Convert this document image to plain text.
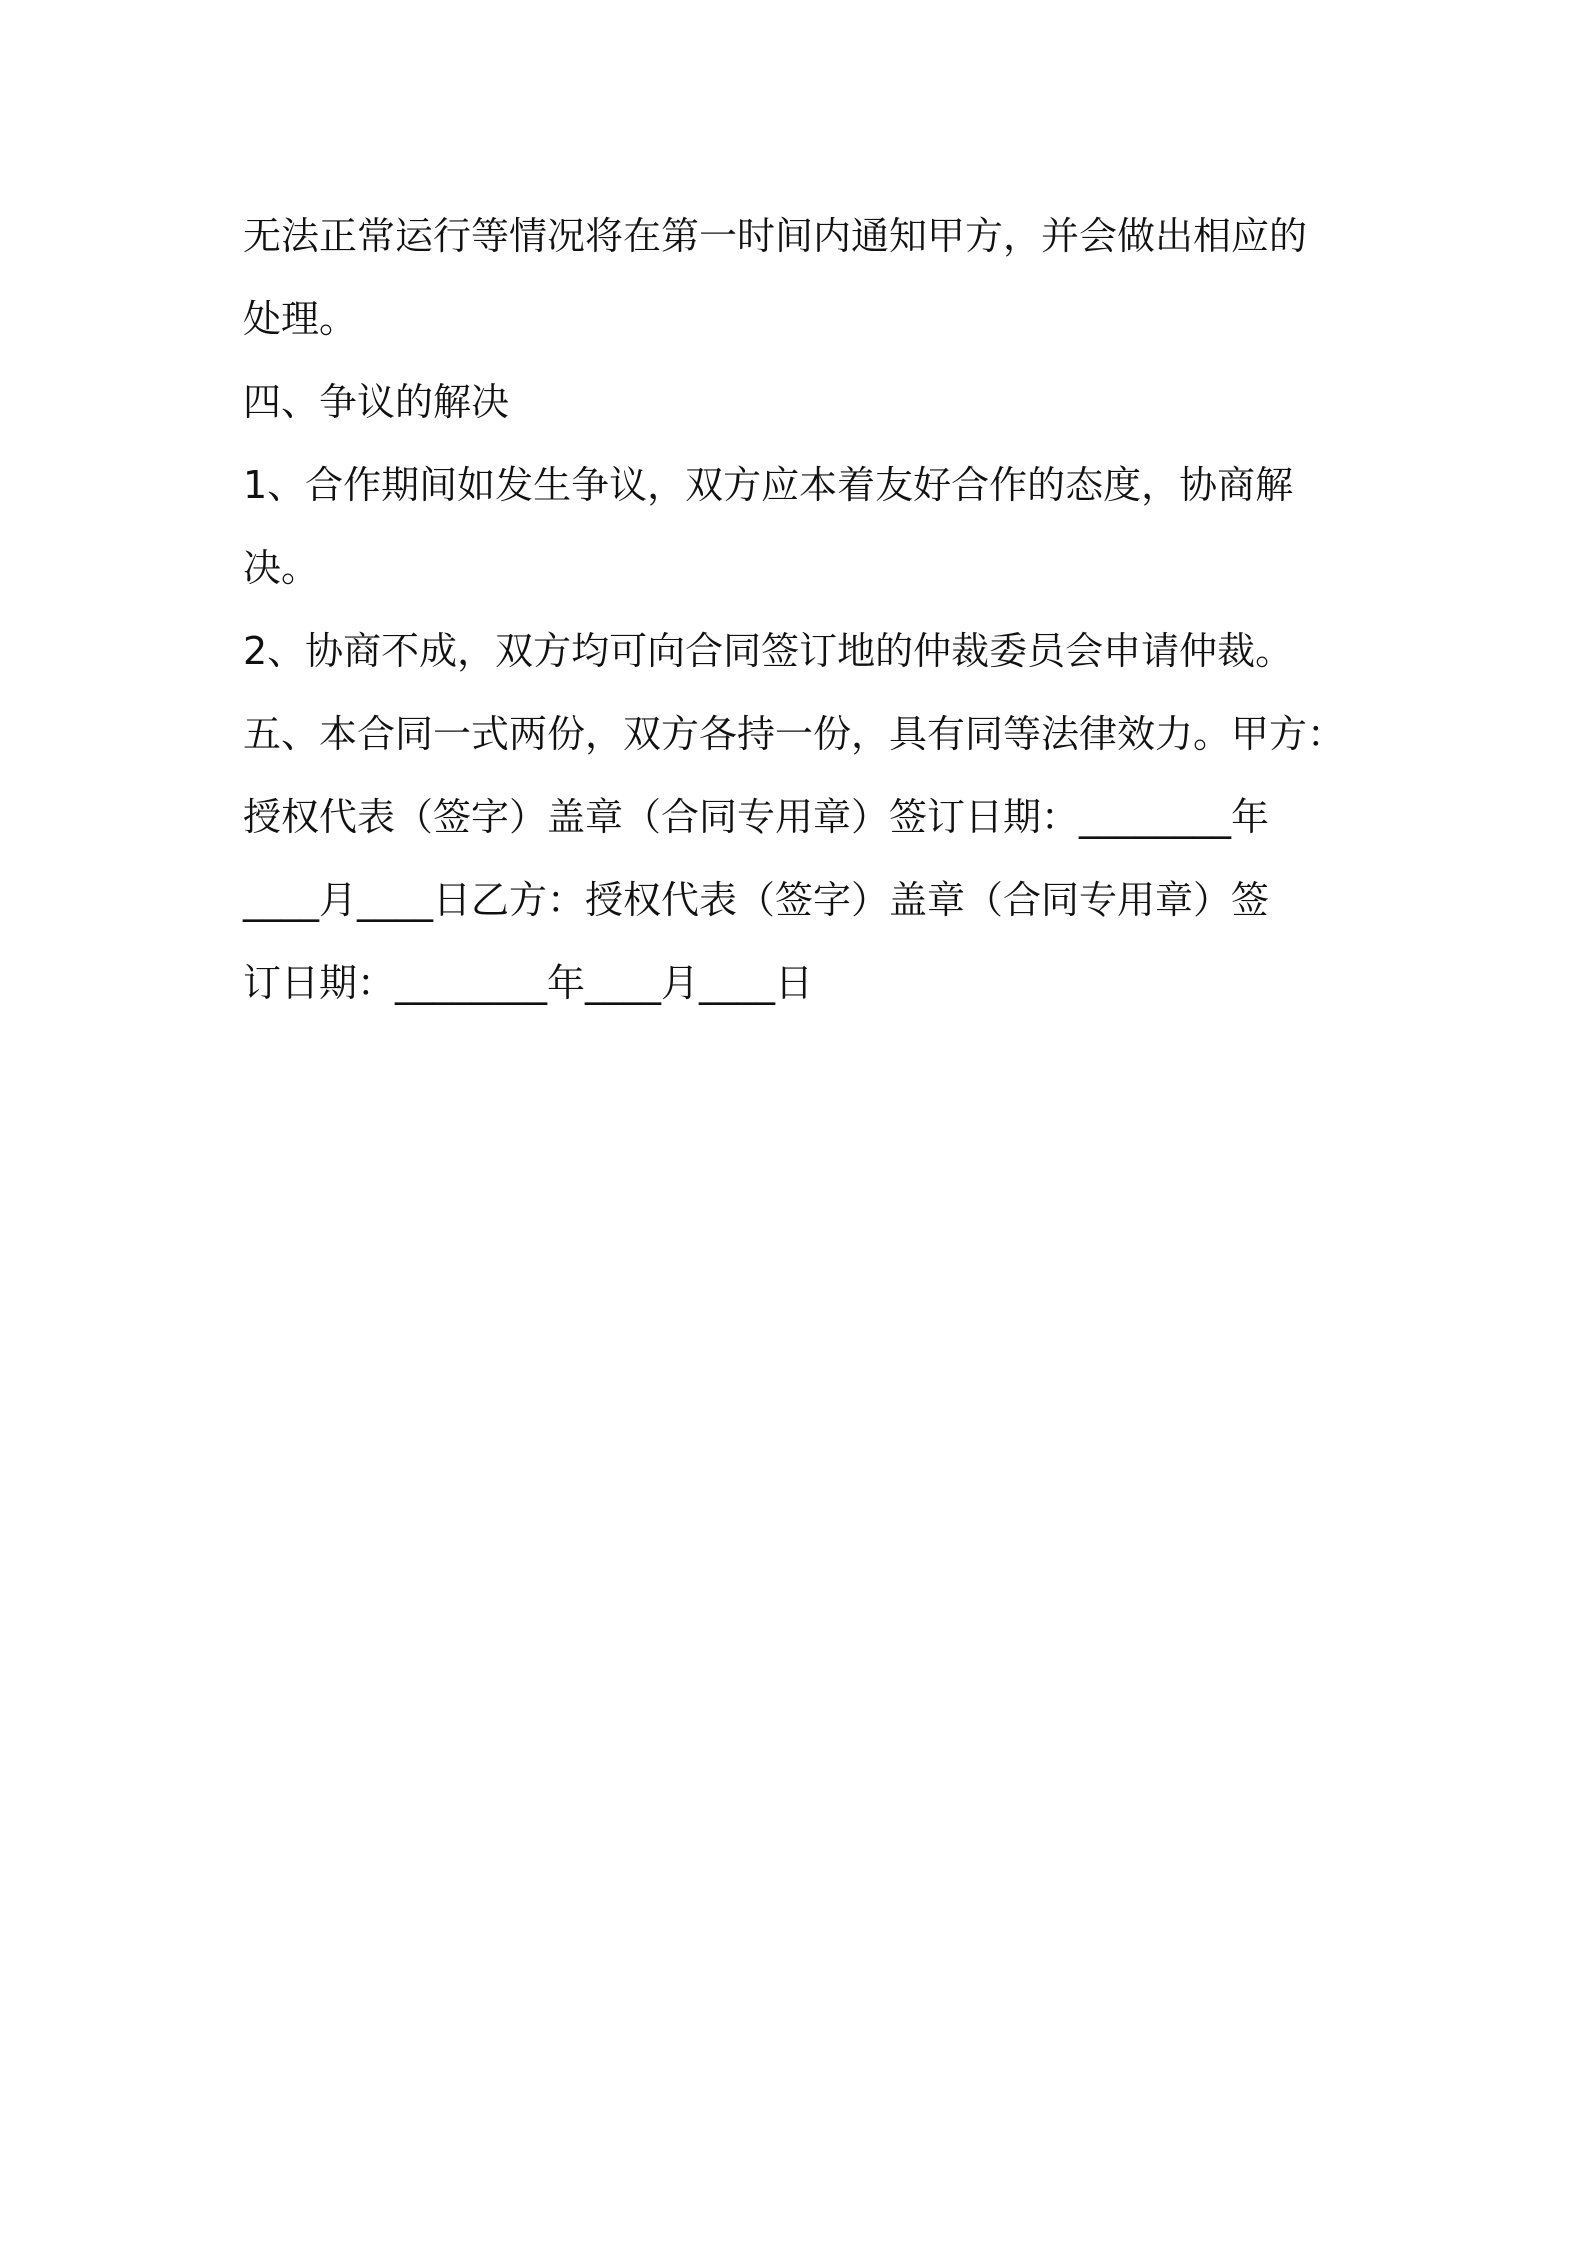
无法正常运行等情况将在第一时间内通知甲方，并会做出相应的
处理。
四、争议的解决
1、合作期间如发生争议，双方应本着友好合作的态度，协商解
决。
2、协商不成，双方均可向合同签订地的仲裁委员会申请仲裁。
五、本合同一式两份，双方各持一份，具有同等法律效力。甲方：
授权代表（签字）盖章（合同专用章）签订日期：________年
____月____日乙方：授权代表（签字）盖章（合同专用章）签
订日期：________年____月____日
